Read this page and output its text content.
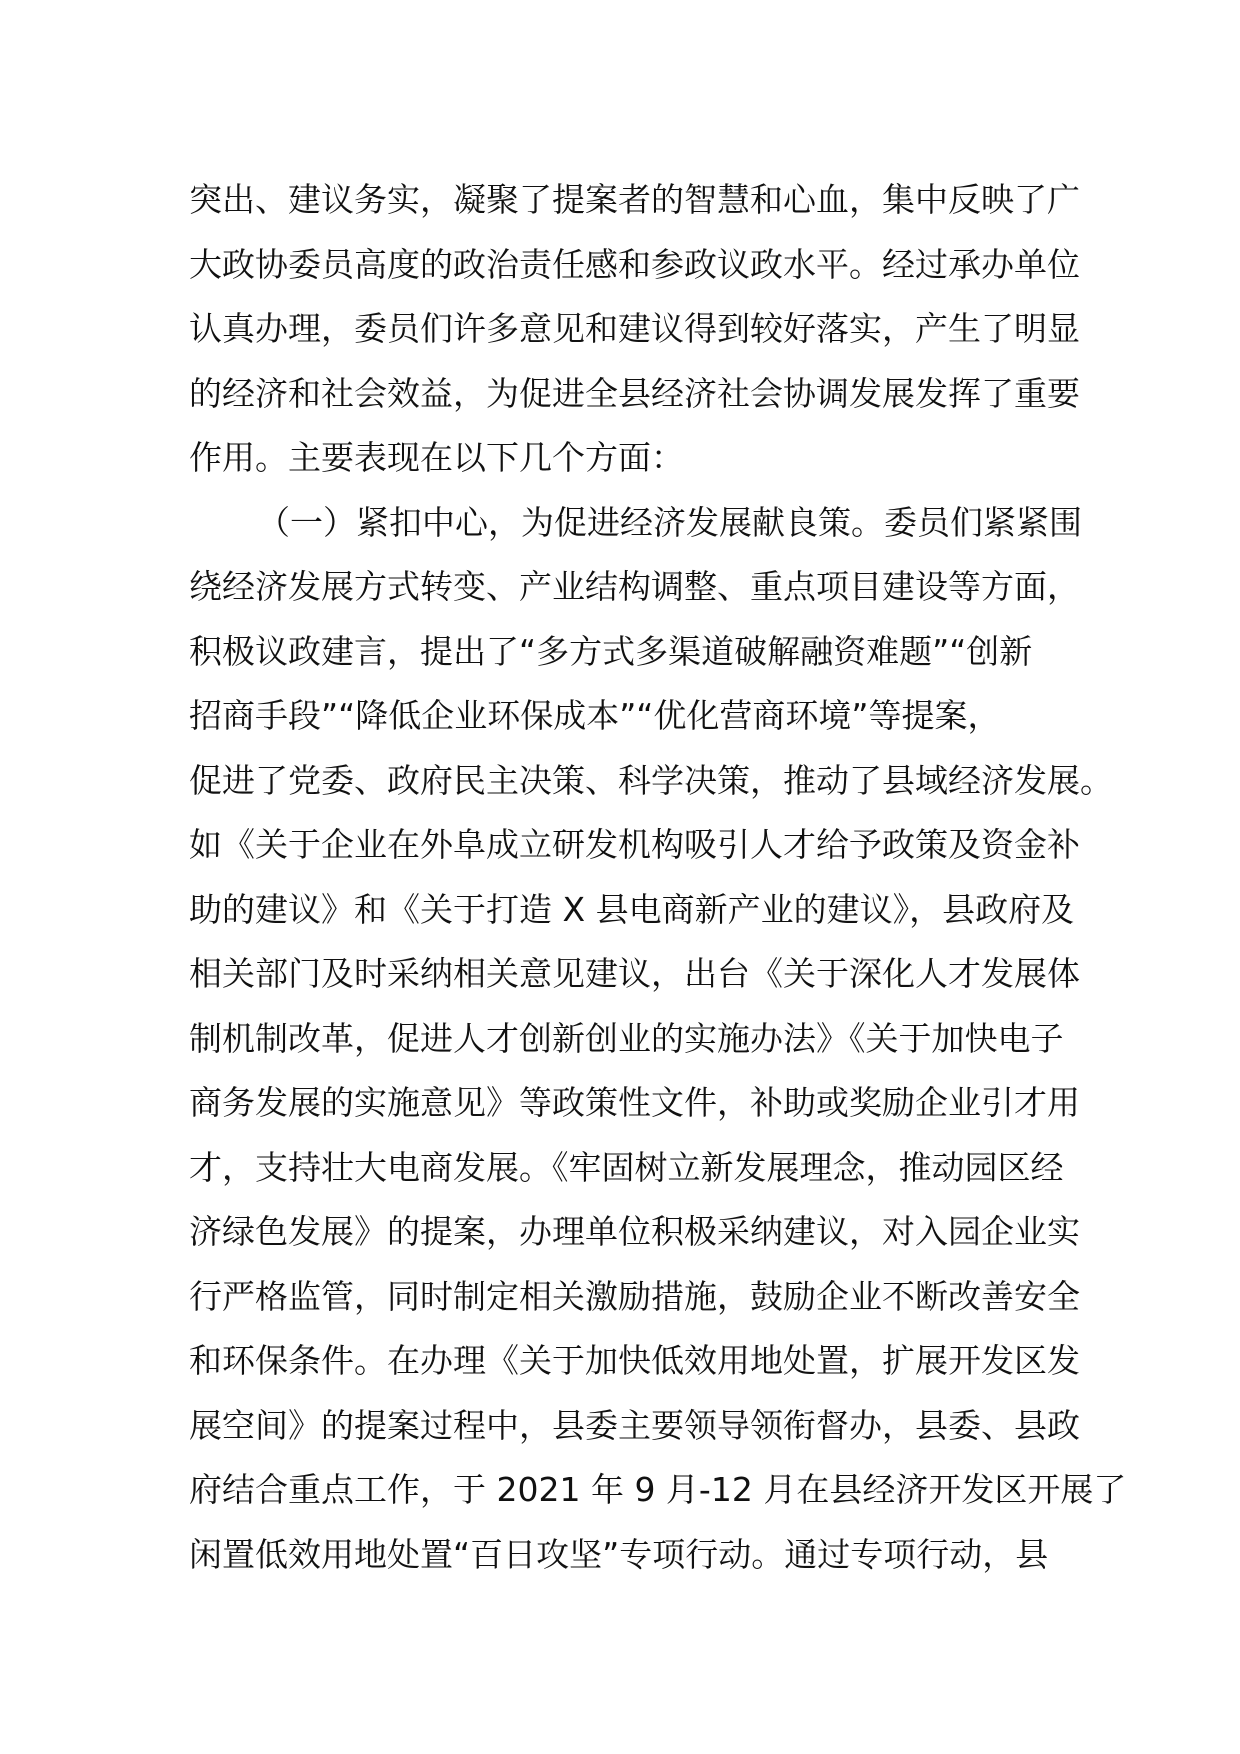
突出、建议务实，凝聚了提案者的智慧和心血，集中反映了广
大政协委员高度的政治责任感和参政议政水平。经过承办单位
认真办理，委员们许多意见和建议得到较好落实，产生了明显
的经济和社会效益，为促进全县经济社会协调发展发挥了重要
作用。主要表现在以下几个方面：
（一）紧扣中心，为促进经济发展献良策。委员们紧紧围
绕经济发展方式转变、产业结构调整、重点项目建设等方面，
积极议政建言，提出了“多方式多渠道破解融资难题”“创新
招商手段”“降低企业环保成本”“优化营商环境”等提案，
促进了党委、政府民主决策、科学决策，推动了县域经济发展。
如《关于企业在外阜成立研发机构吸引人才给予政策及资金补
助的建议》和《关于打造 X 县电商新产业的建议》，县政府及
相关部门及时采纳相关意见建议，出台《关于深化人才发展体
制机制改革，促进人才创新创业的实施办法》《关于加快电子
商务发展的实施意见》等政策性文件，补助或奖励企业引才用
才，支持壮大电商发展。《牢固树立新发展理念，推动园区经
济绿色发展》的提案，办理单位积极采纳建议，对入园企业实
行严格监管，同时制定相关激励措施，鼓励企业不断改善安全
和环保条件。在办理《关于加快低效用地处置，扩展开发区发
展空间》的提案过程中，县委主要领导领衔督办，县委、县政
府结合重点工作，于 2021 年 9 月-12 月在县经济开发区开展了
闲置低效用地处置“百日攻坚”专项行动。通过专项行动，县
